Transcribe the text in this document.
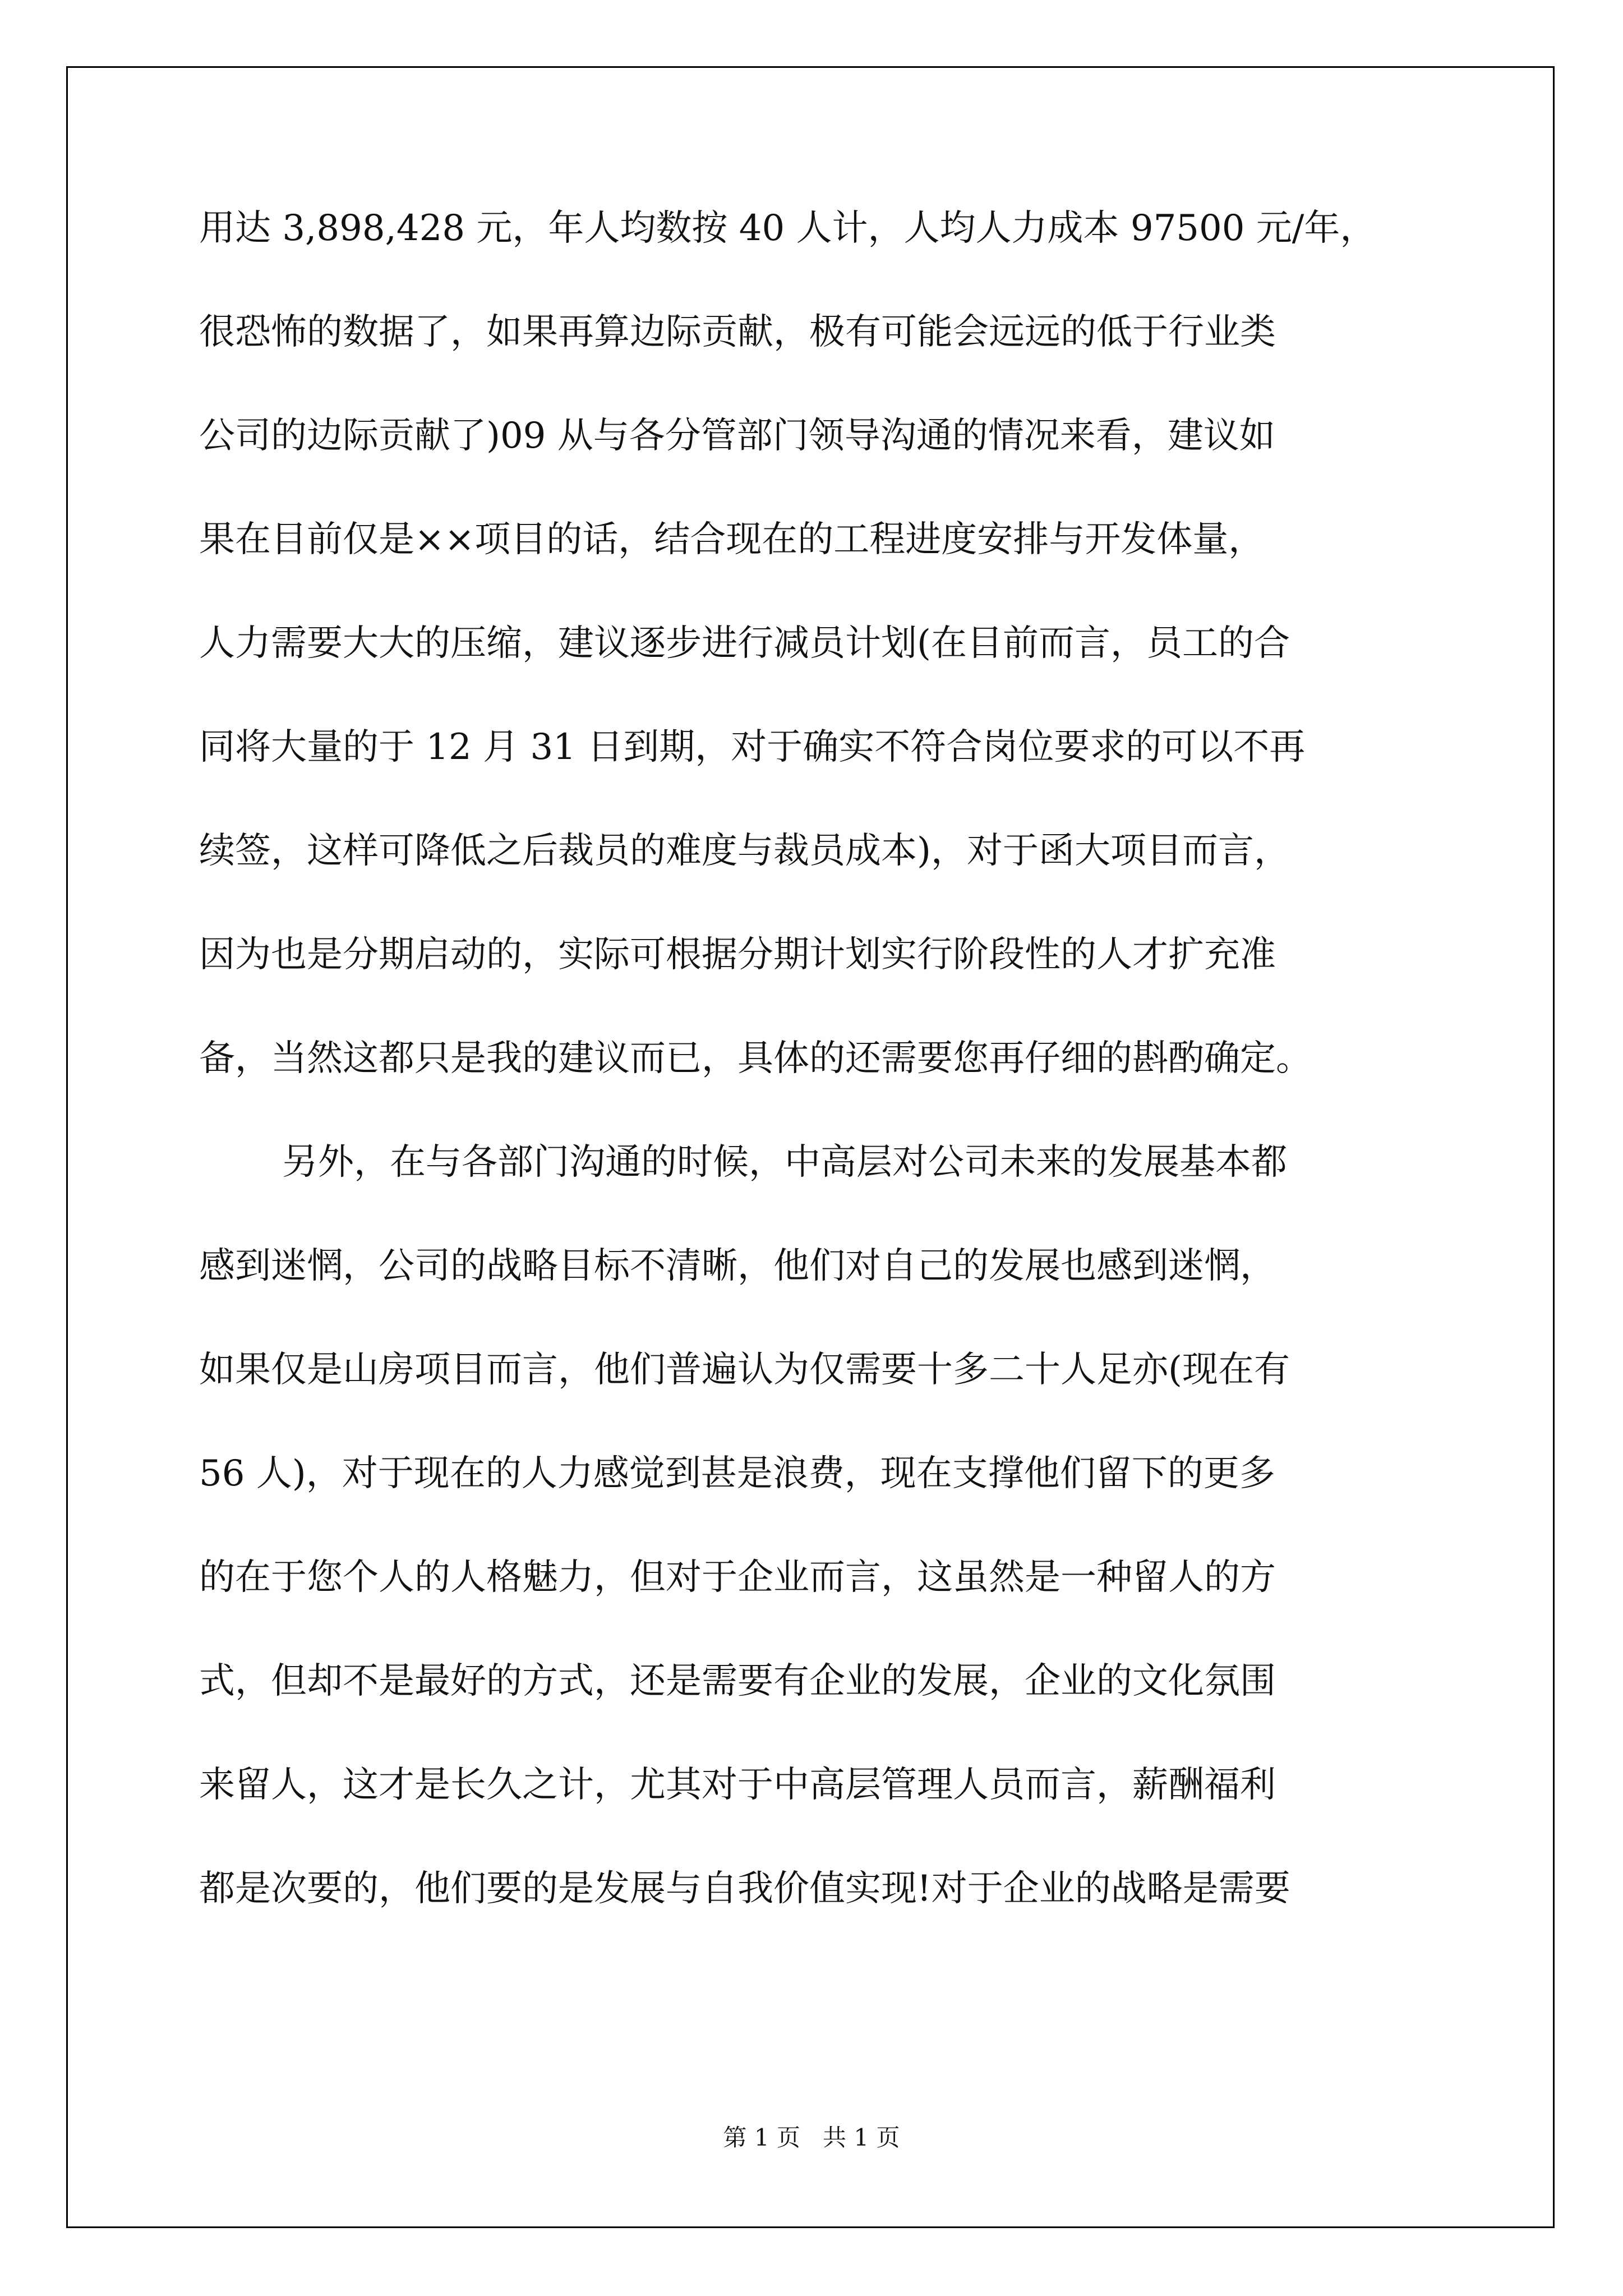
用达 3,898,428 元，年人均数按 40 人计，人均人力成本 97500 元/年，
很恐怖的数据了，如果再算边际贡献，极有可能会远远的低于行业类
公司的边际贡献了)09 从与各分管部门领导沟通的情况来看，建议如
果在目前仅是××项目的话，结合现在的工程进度安排与开发体量，
人力需要大大的压缩，建议逐步进行减员计划(在目前而言，员工的合
同将大量的于 12 月 31 日到期，对于确实不符合岗位要求的可以不再
续签，这样可降低之后裁员的难度与裁员成本)，对于函大项目而言，
因为也是分期启动的，实际可根据分期计划实行阶段性的人才扩充准
备，当然这都只是我的建议而已，具体的还需要您再仔细的斟酌确定。
另外，在与各部门沟通的时候，中高层对公司未来的发展基本都
感到迷惘，公司的战略目标不清晰，他们对自己的发展也感到迷惘，
如果仅是山房项目而言，他们普遍认为仅需要十多二十人足亦(现在有
56 人)，对于现在的人力感觉到甚是浪费，现在支撑他们留下的更多
的在于您个人的人格魅力，但对于企业而言，这虽然是一种留人的方
式，但却不是最好的方式，还是需要有企业的发展，企业的文化氛围
来留人，这才是长久之计，尤其对于中高层管理人员而言，薪酬福利
都是次要的，他们要的是发展与自我价值实现!对于企业的战略是需要
第 1 页   共 1 页
